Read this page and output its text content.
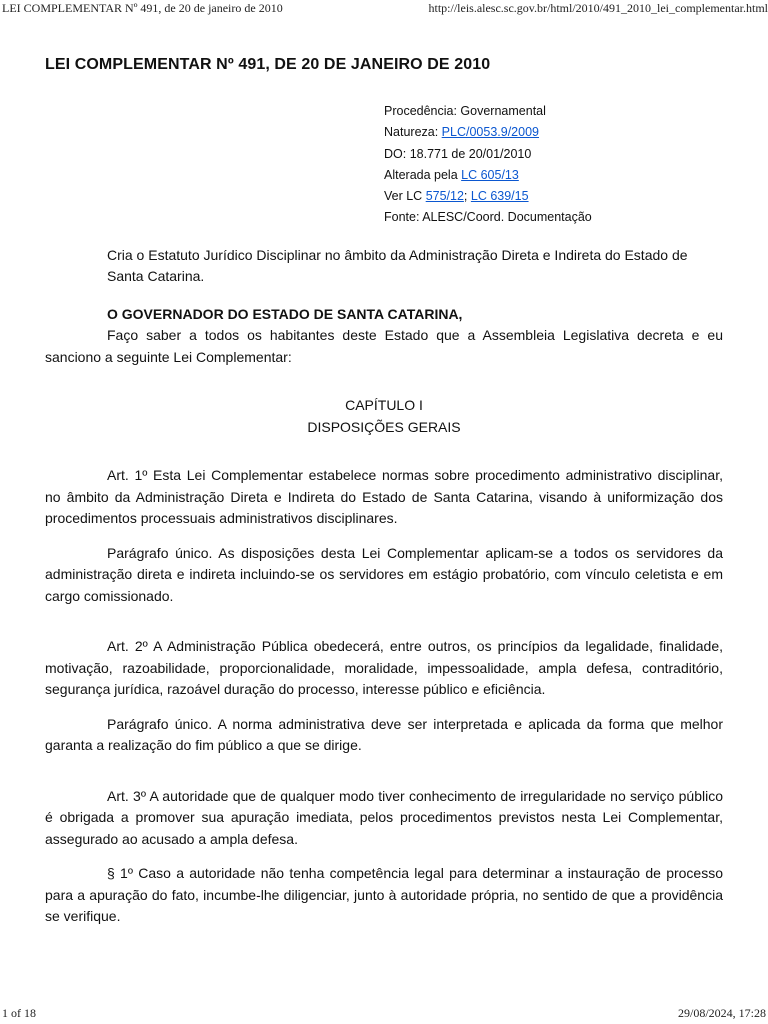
LEI COMPLEMENTAR Nº 491, de 20 de janeiro de 2010	http://leis.alesc.sc.gov.br/html/2010/491_2010_lei_complementar.html
LEI COMPLEMENTAR Nº 491, DE 20 DE JANEIRO DE 2010
Procedência: Governamental
Natureza: PLC/0053.9/2009
DO: 18.771 de 20/01/2010
Alterada pela LC 605/13
Ver LC 575/12; LC 639/15
Fonte: ALESC/Coord. Documentação

Cria o Estatuto Jurídico Disciplinar no âmbito da Administração Direta e Indireta do Estado de Santa Catarina.

O GOVERNADOR DO ESTADO DE SANTA CATARINA,

Faço saber a todos os habitantes deste Estado que a Assembleia Legislativa decreta e eu sanciono a seguinte Lei Complementar:

CAPÍTULO I
DISPOSIÇÕES GERAIS

Art. 1º Esta Lei Complementar estabelece normas sobre procedimento administrativo disciplinar, no âmbito da Administração Direta e Indireta do Estado de Santa Catarina, visando à uniformização dos procedimentos processuais administrativos disciplinares.

Parágrafo único. As disposições desta Lei Complementar aplicam-se a todos os servidores da administração direta e indireta incluindo-se os servidores em estágio probatório, com vínculo celetista e em cargo comissionado.

Art. 2º A Administração Pública obedecerá, entre outros, os princípios da legalidade, finalidade, motivação, razoabilidade, proporcionalidade, moralidade, impessoalidade, ampla defesa, contraditório, segurança jurídica, razoável duração do processo, interesse público e eficiência.

Parágrafo único. A norma administrativa deve ser interpretada e aplicada da forma que melhor garanta a realização do fim público a que se dirige.

Art. 3º A autoridade que de qualquer modo tiver conhecimento de irregularidade no serviço público é obrigada a promover sua apuração imediata, pelos procedimentos previstos nesta Lei Complementar, assegurado ao acusado a ampla defesa.

§ 1º Caso a autoridade não tenha competência legal para determinar a instauração de processo para a apuração do fato, incumbe-lhe diligenciar, junto à autoridade própria, no sentido de que a providência se verifique.

1 of 18	29/08/2024, 17:28
